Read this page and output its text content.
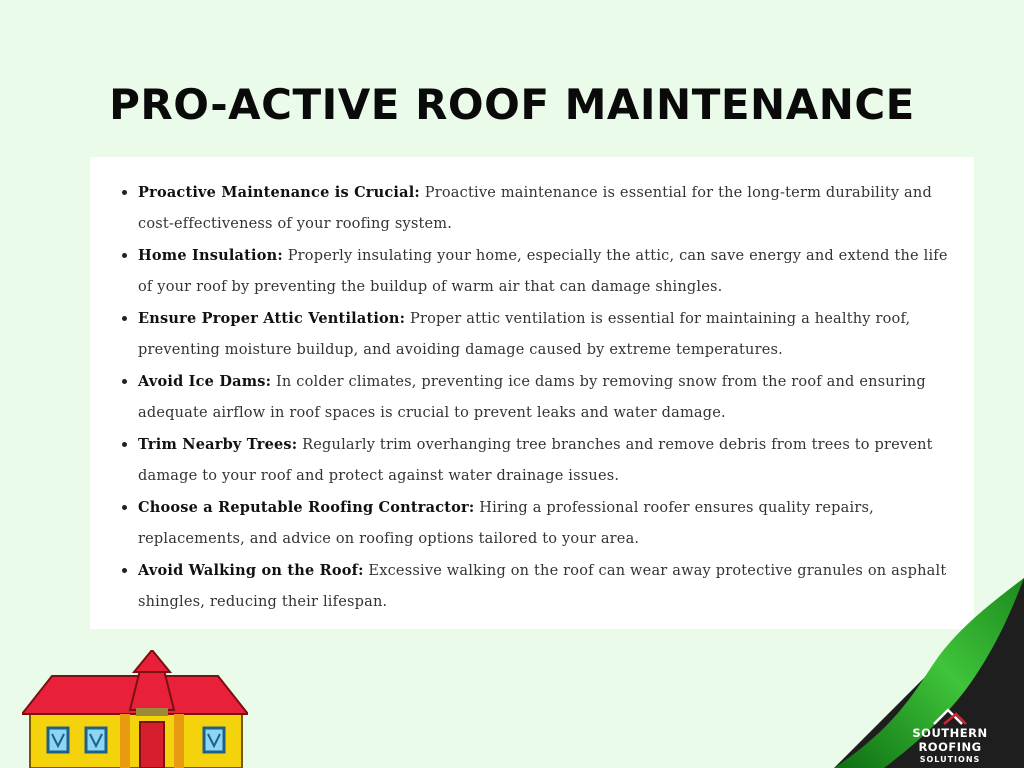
PRO-ACTIVE ROOF MAINTENANCE
Proactive Maintenance is Crucial: Proactive maintenance is essential for the long-term durability and cost-effectiveness of your roofing system.
Home Insulation: Properly insulating your home, especially the attic, can save energy and extend the life of your roof by preventing the buildup of warm air that can damage shingles.
Ensure Proper Attic Ventilation: Proper attic ventilation is essential for maintaining a healthy roof, preventing moisture buildup, and avoiding damage caused by extreme temperatures.
Avoid Ice Dams: In colder climates, preventing ice dams by removing snow from the roof and ensuring adequate airflow in roof spaces is crucial to prevent leaks and water damage.
Trim Nearby Trees: Regularly trim overhanging tree branches and remove debris from trees to prevent damage to your roof and protect against water drainage issues.
Choose a Reputable Roofing Contractor: Hiring a professional roofer ensures quality repairs, replacements, and advice on roofing options tailored to your area.
Avoid Walking on the Roof: Excessive walking on the roof can wear away protective granules on asphalt shingles, reducing their lifespan.
SOUTHERN ROOFING
SOLUTIONS
